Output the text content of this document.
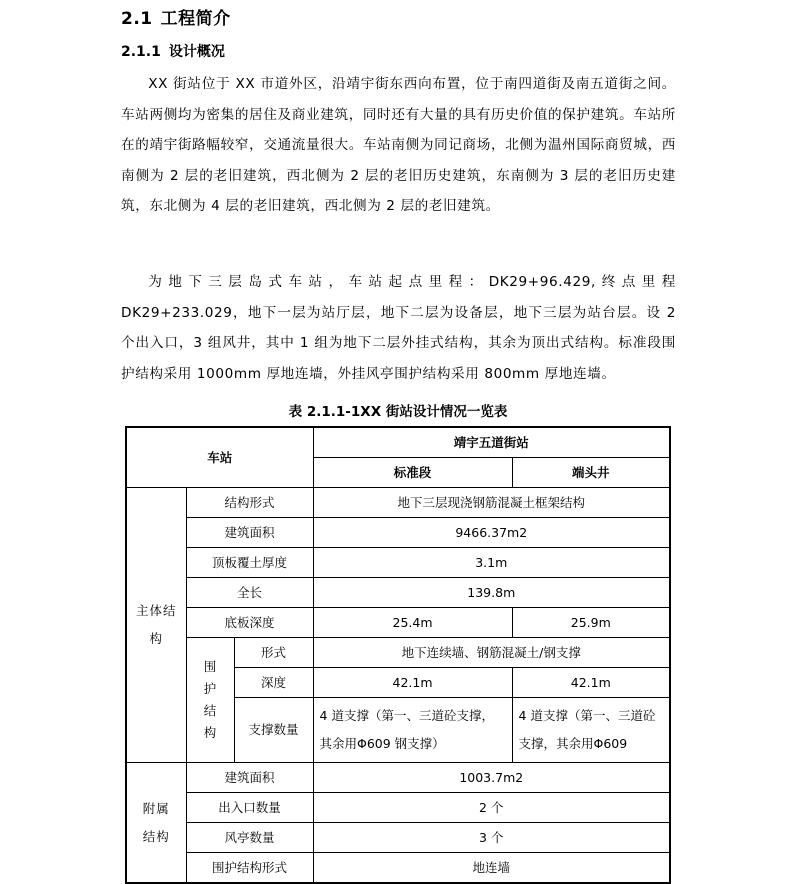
2.1 工程简介
2.1.1 设计概况

XX 街站位于 XX 市道外区，沿靖宇街东西向布置，位于南四道街及南五道街之间。车站两侧均为密集的居住及商业建筑，同时还有大量的具有历史价值的保护建筑。车站所在的靖宇街路幅较窄，交通流量很大。车站南侧为同记商场，北侧为温州国际商贸城，西南侧为 2 层的老旧建筑，西北侧为 2 层的老旧历史建筑，东南侧为 3 层的老旧历史建筑，东北侧为 4 层的老旧建筑，西北侧为 2 层的老旧建筑。

为地下三层岛式车站，车站起点里程：DK29+96.429,终点里程 DK29+233.029，地下一层为站厅层，地下二层为设备层，地下三层为站台层。设 2 个出入口，3 组风井，其中 1 组为地下二层外挂式结构，其余为顶出式结构。标准段围护结构采用 1000mm 厚地连墙，外挂风亭围护结构采用 800mm 厚地连墙。

表 2.1.1-1XX 街站设计情况一览表
车站			靖宇五道街站	
			标准段	端头井
主体结构	结构形式		地下三层现浇钢筋混凝土框架结构	
	建筑面积		9466.37m2	
	顶板覆土厚度		3.1m	
	全长		139.8m	
	底板深度		25.4m	25.9m
	围护结构	形式	地下连续墙、钢筋混凝土/钢支撑	
		深度	42.1m	42.1m
		支撑数量	4 道支撑（第一、三道砼支撑，其余用Φ609 钢支撑）	4 道支撑（第一、三道砼支撑，其余用Φ609
附属结构	建筑面积		1003.7m2	
	出入口数量		2 个	
	风亭数量		3 个	
	围护结构形式		地连墙	
